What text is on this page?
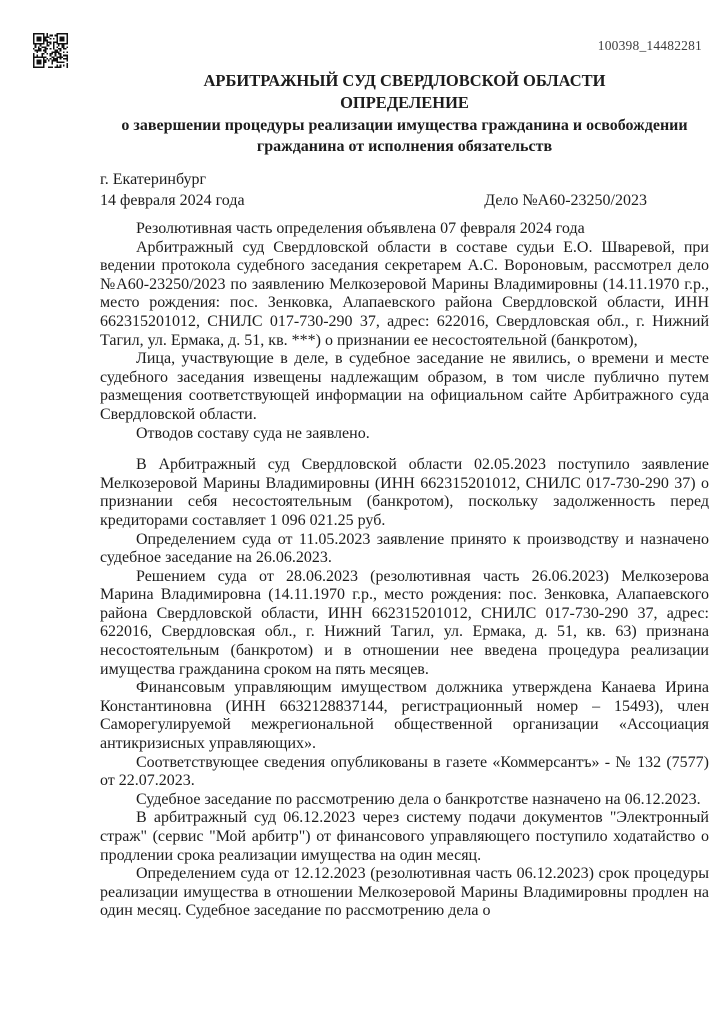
100398_14482281
АРБИТРАЖНЫЙ СУД СВЕРДЛОВСКОЙ ОБЛАСТИ
ОПРЕДЕЛЕНИЕ
о завершении процедуры реализации имущества гражданина и освобождении гражданина от исполнения обязательств
г. Екатеринбург
14 февраля 2024 года	Дело №А60-23250/2023

Резолютивная часть определения объявлена 07 февраля 2024 года

Арбитражный суд Свердловской области в составе судьи Е.О. Шваревой, при ведении протокола судебного заседания секретарем А.С. Вороновым, рассмотрел дело №А60-23250/2023 по заявлению Мелкозеровой Марины Владимировны (14.11.1970 г.р., место рождения: пос. Зенковка, Алапаевского района Свердловской области, ИНН 662315201012, СНИЛС 017-730-290 37, адрес: 622016, Свердловская обл., г. Нижний Тагил, ул. Ермака, д. 51, кв. ***) о признании ее несостоятельной (банкротом),

Лица, участвующие в деле, в судебное заседание не явились, о времени и месте судебного заседания извещены надлежащим образом, в том числе публично путем размещения соответствующей информации на официальном сайте Арбитражного суда Свердловской области.

Отводов составу суда не заявлено.

В Арбитражный суд Свердловской области 02.05.2023 поступило заявление Мелкозеровой Марины Владимировны (ИНН 662315201012, СНИЛС 017-730-290 37) о признании себя несостоятельным (банкротом), поскольку задолженность перед кредиторами составляет 1 096 021.25 руб.

Определением суда от 11.05.2023 заявление принято к производству и назначено судебное заседание на 26.06.2023.

Решением суда от 28.06.2023 (резолютивная часть 26.06.2023) Мелкозерова Марина Владимировна (14.11.1970 г.р., место рождения: пос. Зенковка, Алапаевского района Свердловской области, ИНН 662315201012, СНИЛС 017-730-290 37, адрес: 622016, Свердловская обл., г. Нижний Тагил, ул. Ермака, д. 51, кв. 63) признана несостоятельным (банкротом) и в отношении нее введена процедура реализации имущества гражданина сроком на пять месяцев.

Финансовым управляющим имуществом должника утверждена Канаева Ирина Константиновна (ИНН 6632128837144, регистрационный номер – 15493), член Саморегулируемой межрегиональной общественной организации «Ассоциация антикризисных управляющих».

Соответствующее сведения опубликованы в газете «Коммерсантъ» - № 132 (7577) от 22.07.2023.

Судебное заседание по рассмотрению дела о банкротстве назначено на 06.12.2023.

В арбитражный суд 06.12.2023 через систему подачи документов "Электронный страж" (сервис "Мой арбитр") от финансового управляющего поступило ходатайство о продлении срока реализации имущества на один месяц.

Определением суда от 12.12.2023 (резолютивная часть 06.12.2023) срок процедуры реализации имущества в отношении Мелкозеровой Марины Владимировны продлен на один месяц. Судебное заседание по рассмотрению дела о
